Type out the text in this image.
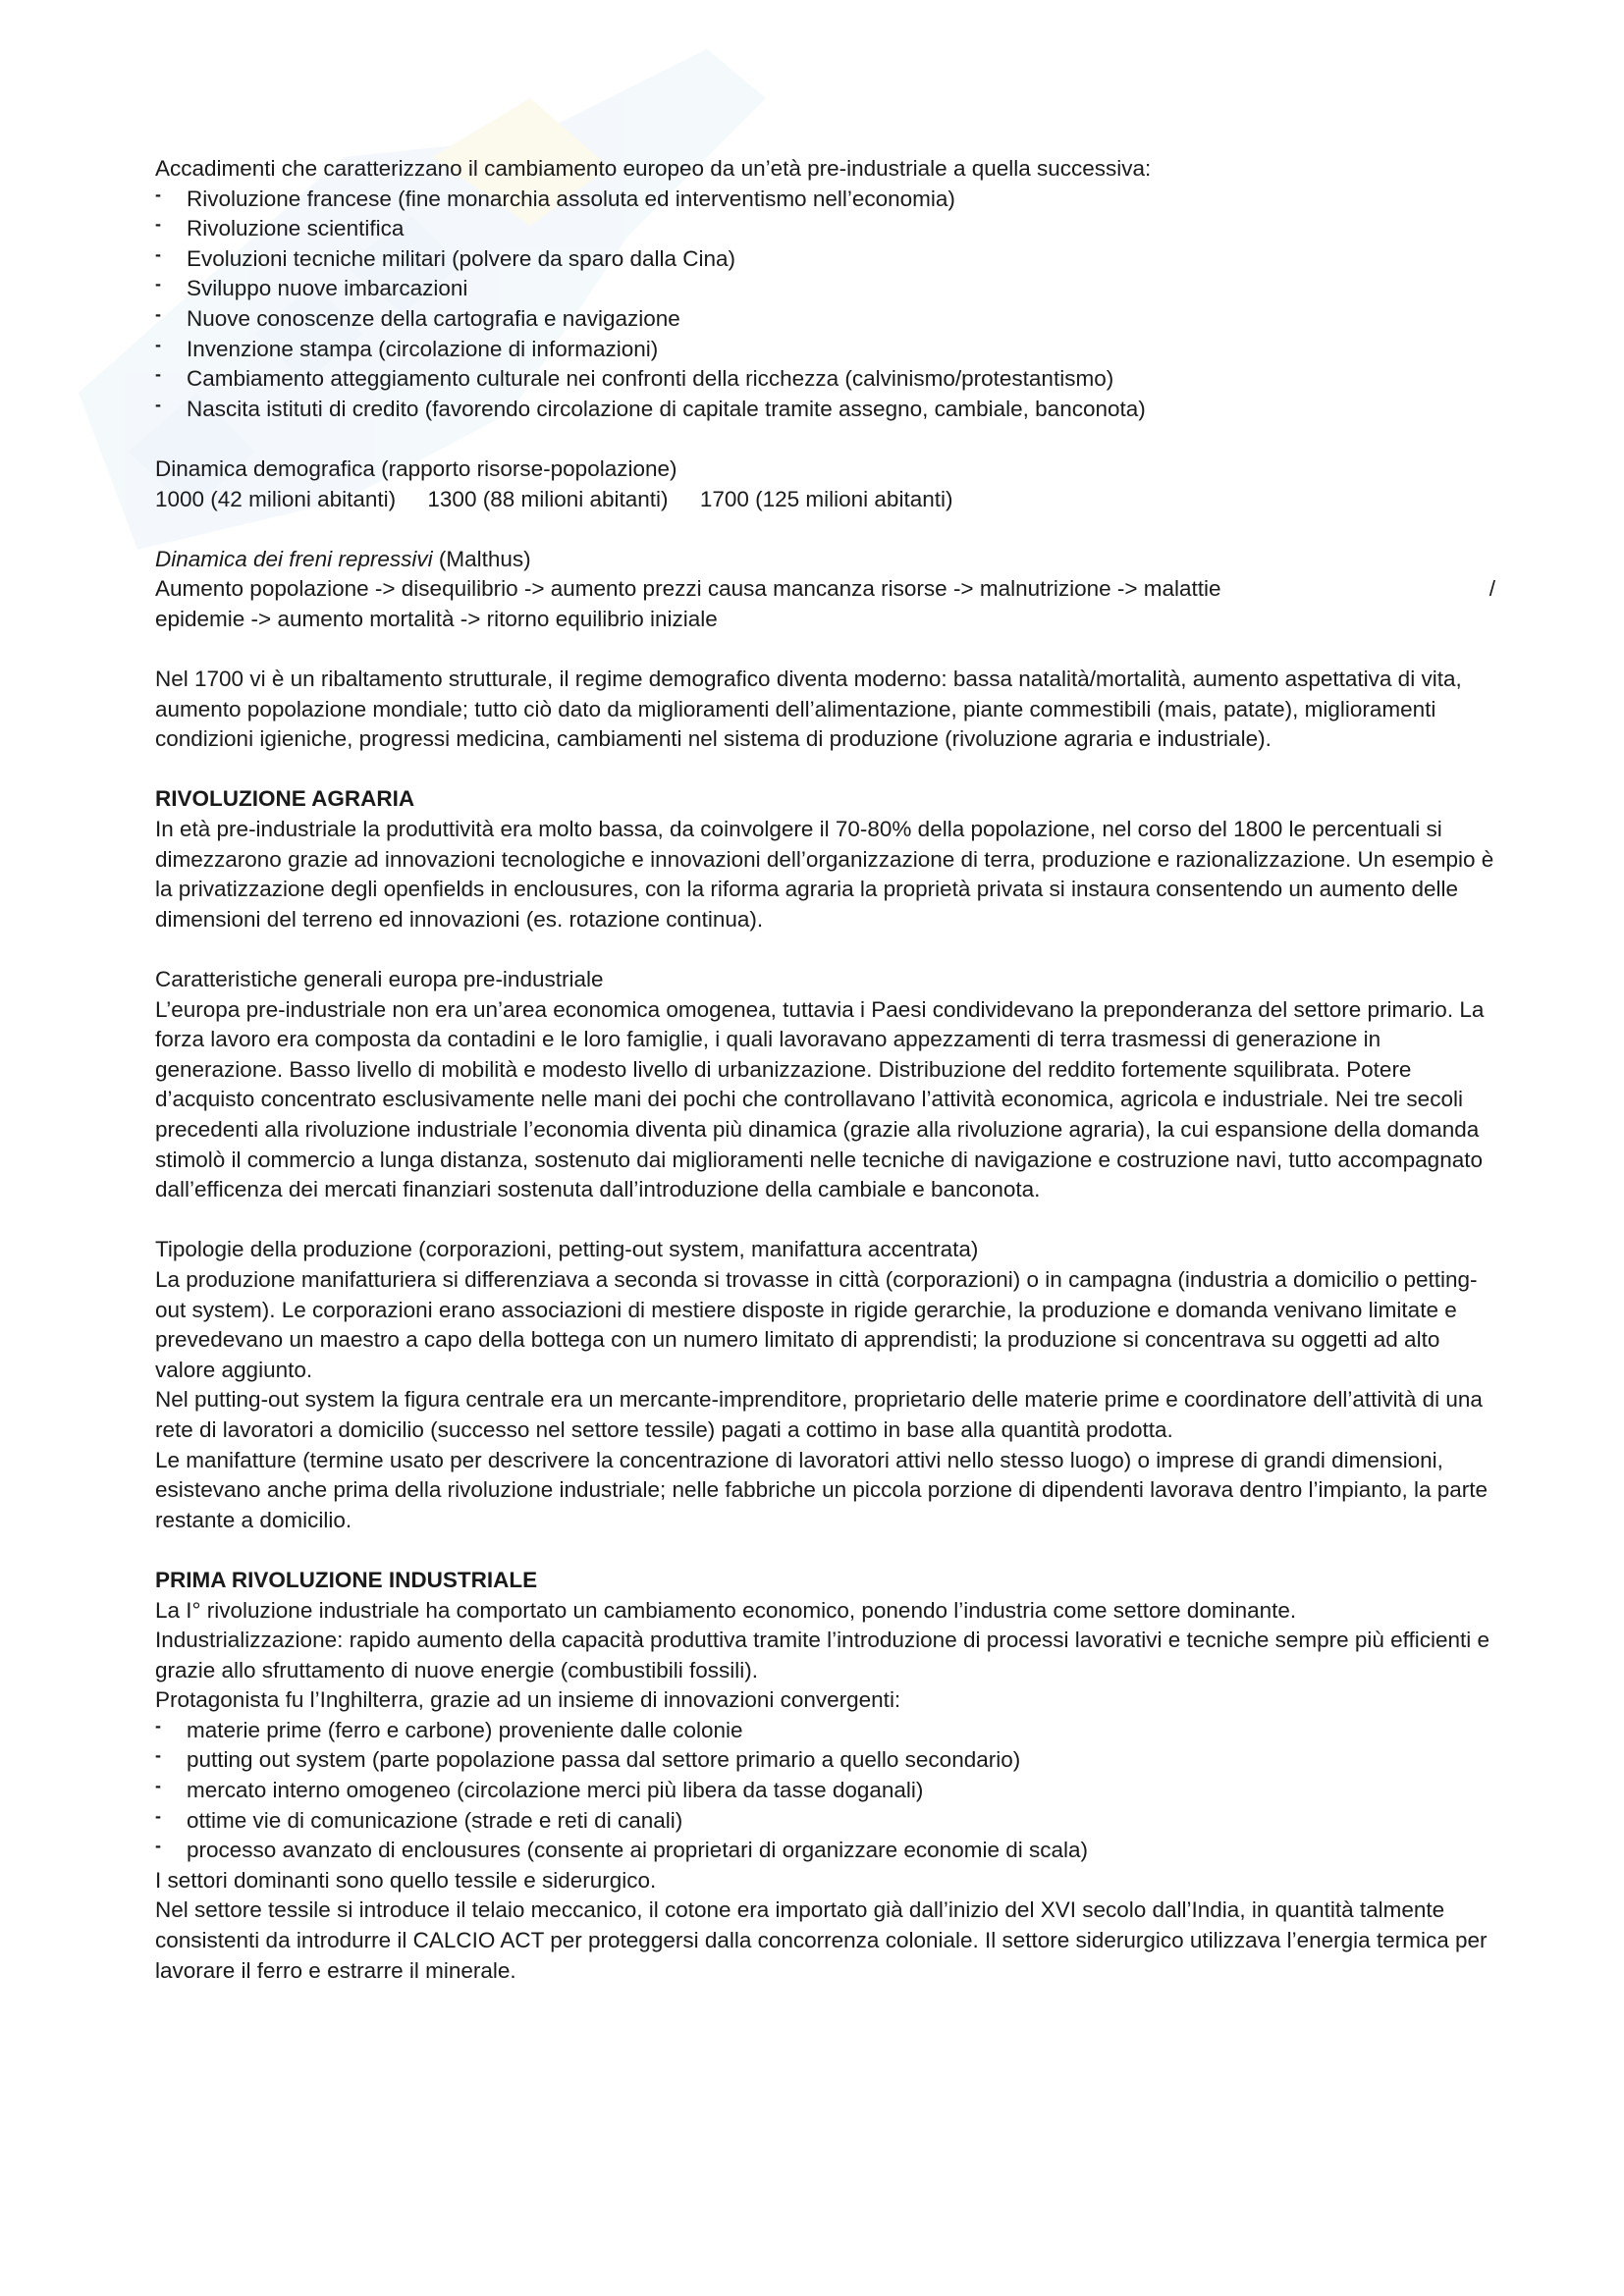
Accadimenti che caratterizzano il cambiamento europeo da un’età pre-industriale a quella successiva:

- Rivoluzione francese (fine monarchia assoluta ed interventismo nell’economia)
- Rivoluzione scientifica
- Evoluzioni tecniche militari (polvere da sparo dalla Cina)
- Sviluppo nuove imbarcazioni
- Nuove conoscenze della cartografia e navigazione
- Invenzione stampa (circolazione di informazioni)
- Cambiamento atteggiamento culturale nei confronti della ricchezza (calvinismo/protestantismo)
- Nascita istituti di credito (favorendo circolazione di capitale tramite assegno, cambiale, banconota)

Dinamica demografica (rapporto risorse-popolazione)

1000 (42 milioni abitanti) 1300 (88 milioni abitanti) 1700 (125 milioni abitanti)

Dinamica dei freni repressivi (Malthus)

Aumento popolazione -> disequilibrio -> aumento prezzi causa mancanza risorse -> malnutrizione -> malattie	/

epidemie -> aumento mortalità -> ritorno equilibrio iniziale

Nel 1700 vi è un ribaltamento strutturale, il regime demografico diventa moderno: bassa natalità/mortalità, aumento aspettativa di vita, aumento popolazione mondiale; tutto ciò dato da miglioramenti dell’alimentazione, piante commestibili (mais, patate), miglioramenti condizioni igieniche, progressi medicina, cambiamenti nel sistema di produzione (rivoluzione agraria e industriale).

RIVOLUZIONE AGRARIA

In età pre-industriale la produttività era molto bassa, da coinvolgere il 70-80% della popolazione, nel corso del 1800 le percentuali si dimezzarono grazie ad innovazioni tecnologiche e innovazioni dell’organizzazione di terra, produzione e razionalizzazione. Un esempio è la privatizzazione degli openfields in enclousures, con la riforma agraria la proprietà privata si instaura consentendo un aumento delle dimensioni del terreno ed innovazioni (es. rotazione continua).

Caratteristiche generali europa pre-industriale

L’europa pre-industriale non era un’area economica omogenea, tuttavia i Paesi condividevano la preponderanza del settore primario. La forza lavoro era composta da contadini e le loro famiglie, i quali lavoravano appezzamenti di terra trasmessi di generazione in generazione. Basso livello di mobilità e modesto livello di urbanizzazione. Distribuzione del reddito fortemente squilibrata. Potere d’acquisto concentrato esclusivamente nelle mani dei pochi che controllavano l’attività economica, agricola e industriale. Nei tre secoli precedenti alla rivoluzione industriale l’economia diventa più dinamica (grazie alla rivoluzione agraria), la cui espansione della domanda stimolò il commercio a lunga distanza, sostenuto dai miglioramenti nelle tecniche di navigazione e costruzione navi, tutto accompagnato dall’efficenza dei mercati finanziari sostenuta dall’introduzione della cambiale e banconota.

Tipologie della produzione (corporazioni, petting-out system, manifattura accentrata)

La produzione manifatturiera si differenziava a seconda si trovasse in città (corporazioni) o in campagna (industria a domicilio o petting-out system). Le corporazioni erano associazioni di mestiere disposte in rigide gerarchie, la produzione e domanda venivano limitate e prevedevano un maestro a capo della bottega con un numero limitato di apprendisti; la produzione si concentrava su oggetti ad alto valore aggiunto.

Nel putting-out system la figura centrale era un mercante-imprenditore, proprietario delle materie prime e coordinatore dell’attività di una rete di lavoratori a domicilio (successo nel settore tessile) pagati a cottimo in base alla quantità prodotta.

Le manifatture (termine usato per descrivere la concentrazione di lavoratori attivi nello stesso luogo) o imprese di grandi dimensioni, esistevano anche prima della rivoluzione industriale; nelle fabbriche un piccola porzione di dipendenti lavorava dentro l’impianto, la parte restante a domicilio.

PRIMA RIVOLUZIONE INDUSTRIALE

La I° rivoluzione industriale ha comportato un cambiamento economico, ponendo l’industria come settore dominante.

Industrializzazione: rapido aumento della capacità produttiva tramite l’introduzione di processi lavorativi e tecniche sempre più efficienti e grazie allo sfruttamento di nuove energie (combustibili fossili).

Protagonista fu l’Inghilterra, grazie ad un insieme di innovazioni convergenti:

- materie prime (ferro e carbone) proveniente dalle colonie
- putting out system (parte popolazione passa dal settore primario a quello secondario)
- mercato interno omogeneo (circolazione merci più libera da tasse doganali)
- ottime vie di comunicazione (strade e reti di canali)
- processo avanzato di enclousures (consente ai proprietari di organizzare economie di scala)

I settori dominanti sono quello tessile e siderurgico.

Nel settore tessile si introduce il telaio meccanico, il cotone era importato già dall’inizio del XVI secolo dall’India, in quantità talmente consistenti da introdurre il CALCIO ACT per proteggersi dalla concorrenza coloniale. Il settore siderurgico utilizzava l’energia termica per lavorare il ferro e estrarre il minerale.
